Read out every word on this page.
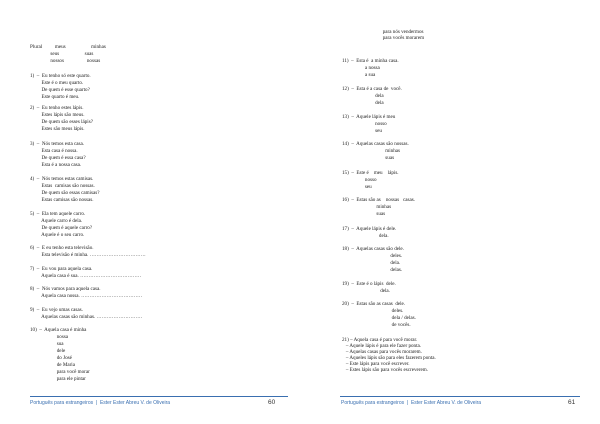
Plural          meus                    minhas
seus                    suas
nossos                  nossas
1)  –  Eu tenho só este quarto.
Este é o meu quarto.
De quem é esse quarto?
Este quarto é meu.
2)  –  Eu tenho estes lápis.
Estes lápis são meus.
De quem são esses lápis?
Estes são meus lápis.
3)  –  Nós temos esta casa.
Esta casa é nossa.
De quem é essa casa?
Esta é a nossa casa.
4)  –  Nós temos estas camisas.
Estas  camisas são nossas.
De quem são essas camisas?
Estas camisas são nossas.
5)  –  Ela tem aquele carro.
Aquele carro é dela.
De quem é aquele carro?
Aquele é o seu carro.
6)  –  E eu tenho esta televisão.
Esta televisão é minha. ……………………………
7)  –  Eu vou para aquela casa.
Aquela casa é sua. ………………………………
8)  –  Nós vamos para aquela casa.
Aquela casa nossa. ………………………………
9)  –  Eu vejo umas casas.
Aquelas casas são minhas. ………………………
10)  –  Aquela casa é minha
nossa
sua
dele
do José
de Maria
para você morar
para ele pintar
Português para estrangeiros  |  Ester Ester Abreu V. de Oliveira	60
para nós vendermos
para vocês morarem
11)  –  Esta é  a minha casa.
a nossa
a sua
12)  –  Esta é a casa de  você.
dela
dela
13)  –  Aquele lápis é meu
nosso
seu
14)  –  Aquelas casas são nossas.
minhas
suas
15)  –  Este é    meu    lápis.
nosso
seu
16)  –  Estas são as    nossas   casas.
minhas
suas
17)  –  Aquele lápis é dele.
dela.
18)  –  Aquelas casas são dele.
deles.
dela.
delas.
19)  –  Este é o lápis  dele.
dela.
20)  –  Estas são as casas  dele.
deles.
dela / delas.
de vocês.
21) – Aquela casa é para você morar.
– Aquele lápis é para ele fazer ponta.
– Aquelas casas para vocês morarem.
– Aqueles lápis são para eles fazerem ponta.
– Este lápis para você escrever.
– Estes lápis são para vocês escreverem.
Português para estrangeiros  |  Ester Ester Abreu V. de Oliveira	61
